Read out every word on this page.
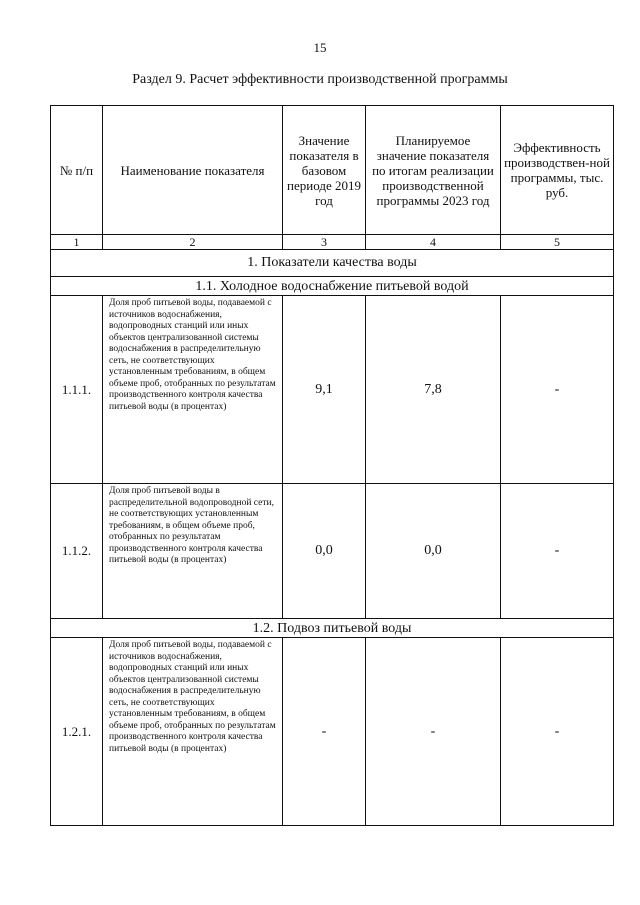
15
Раздел 9. Расчет эффективности производственной программы
№ п/п	Наименование показателя	Значение показателя в базовом периоде 2019 год	Планируемое значение показателя по итогам реализации производственной программы 2023 год	Эффективность производствен-ной программы, тыс. руб.
1	2	3	4	5
1. Показатели качества воды				
1.1. Холодное водоснабжение питьевой водой				
1.1.1.	Доля проб питьевой воды, подаваемой с источников водоснабжения, водопроводных станций или иных объектов централизованной системы водоснабжения в распределительную сеть, не соответствующих установленным требованиям, в общем объеме проб, отобранных по результатам производственного контроля качества питьевой воды (в процентах)	9,1	7,8	-
1.1.2.	Доля проб питьевой воды в распределительной водопроводной сети, не соответствующих установленным требованиям, в общем объеме проб, отобранных по результатам производственного контроля качества питьевой воды (в процентах)	0,0	0,0	-
1.2. Подвоз питьевой воды				
1.2.1.	Доля проб питьевой воды, подаваемой с источников водоснабжения, водопроводных станций или иных объектов централизованной системы водоснабжения в распределительную сеть, не соответствующих установленным требованиям, в общем объеме проб, отобранных по результатам производственного контроля качества питьевой воды (в процентах)	-	-	-
